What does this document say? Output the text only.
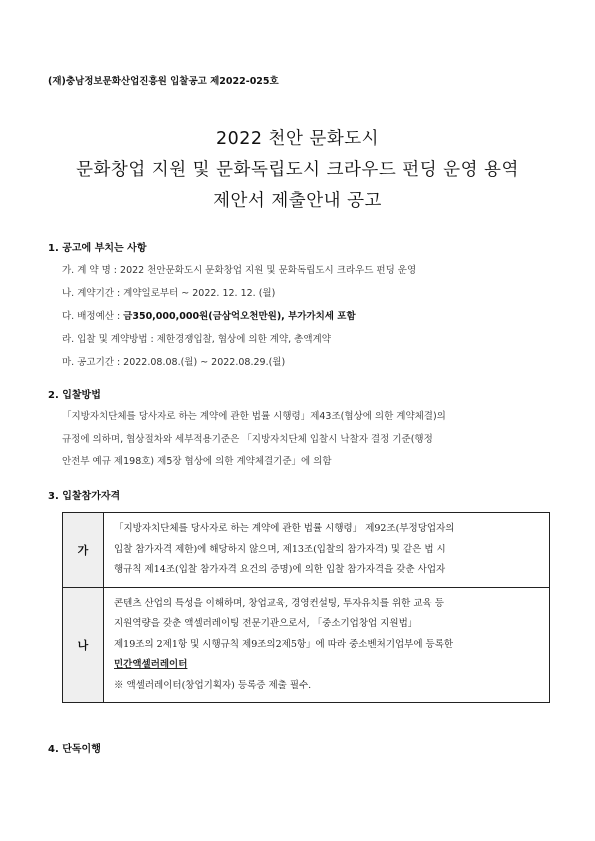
(재)충남정보문화산업진흥원 입찰공고 제2022-025호
2022 천안 문화도시
문화창업 지원 및 문화독립도시 크라우드 펀딩 운영 용역
제안서 제출안내 공고
1. 공고에 부치는 사항
가. 계 약 명 : 2022 천안문화도시 문화창업 지원 및 문화독립도시 크라우드 펀딩 운영
나. 계약기간 : 계약일로부터 ~ 2022. 12. 12. (월)
다. 배정예산 : 금350,000,000원(금삼억오천만원), 부가가치세 포함
라. 입찰 및 계약방법 : 제한경쟁입찰, 협상에 의한 계약, 총액계약
마. 공고기간 : 2022.08.08.(월) ~ 2022.08.29.(월)
2. 입찰방법
「지방자치단체를 당사자로 하는 계약에 관한 법률 시행령」제43조(협상에 의한 계약체결)의
규정에 의하며, 협상절차와 세부적용기준은 「지방자치단체 입찰시 낙찰자 결정 기준(행정
안전부 예규 제198호) 제5장 협상에 의한 계약체결기준」에 의함
3. 입찰참가자격
가	「지방자치단체를 당사자로 하는 계약에 관한 법률 시행령」 제92조(부정당업자의
입찰 참가자격 제한)에 해당하지 않으며, 제13조(입찰의 참가자격) 및 같은 법 시
행규칙 제14조(입찰 참가자격 요건의 증명)에 의한 입찰 참가자격을 갖춘 사업자

나	콘텐츠 산업의 특성을 이해하며, 창업교육, 경영컨설팅, 투자유치를 위한 교육 등
지원역량을 갖춘 액셀러레이팅 전문기관으로서, 「중소기업창업 지원법」
제19조의 2제1항 및 시행규칙 제9조의2제5항」에 따라 중소벤처기업부에 등록한
민간액셀러레이터
※ 액셀러레이터(창업기획자) 등록증 제출 필수.
4. 단독이행
